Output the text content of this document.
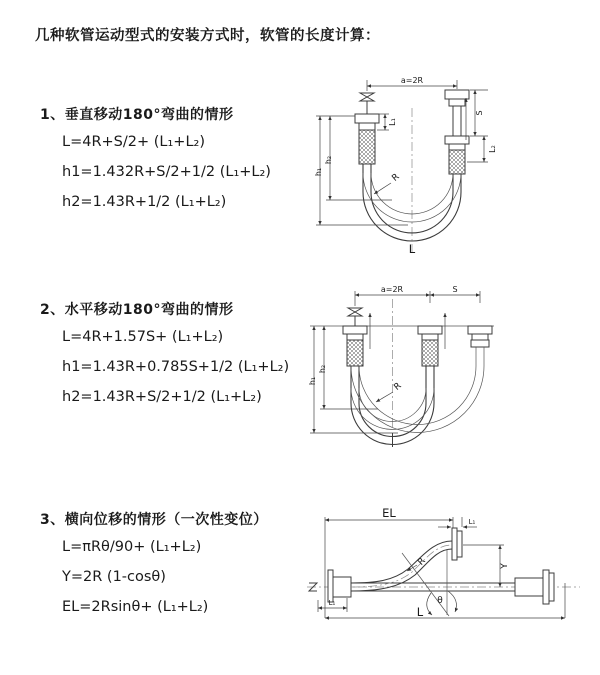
几种软管运动型式的安装方式时，软管的长度计算：
1、垂直移动180°弯曲的情形
L=4R+S/2+ (L₁+L₂)
h1=1.432R+S/2+1/2 (L₁+L₂)
h2=1.43R+1/2 (L₁+L₂)
2、水平移动180°弯曲的情形
L=4R+1.57S+ (L₁+L₂)
h1=1.43R+0.785S+1/2 (L₁+L₂)
h2=1.43R+S/2+1/2 (L₁+L₂)
3、横向位移的情形（一次性变位）
L=πRθ/90+ (L₁+L₂)
Y=2R (1-cosθ)
EL=2Rsinθ+ (L₁+L₂)
a=2R
L₁
S
L₂
h₁
h₂
R
L
a=2R	S
h₁
h₂
R
L₁
EL
L₁
Y
L
θ
R
